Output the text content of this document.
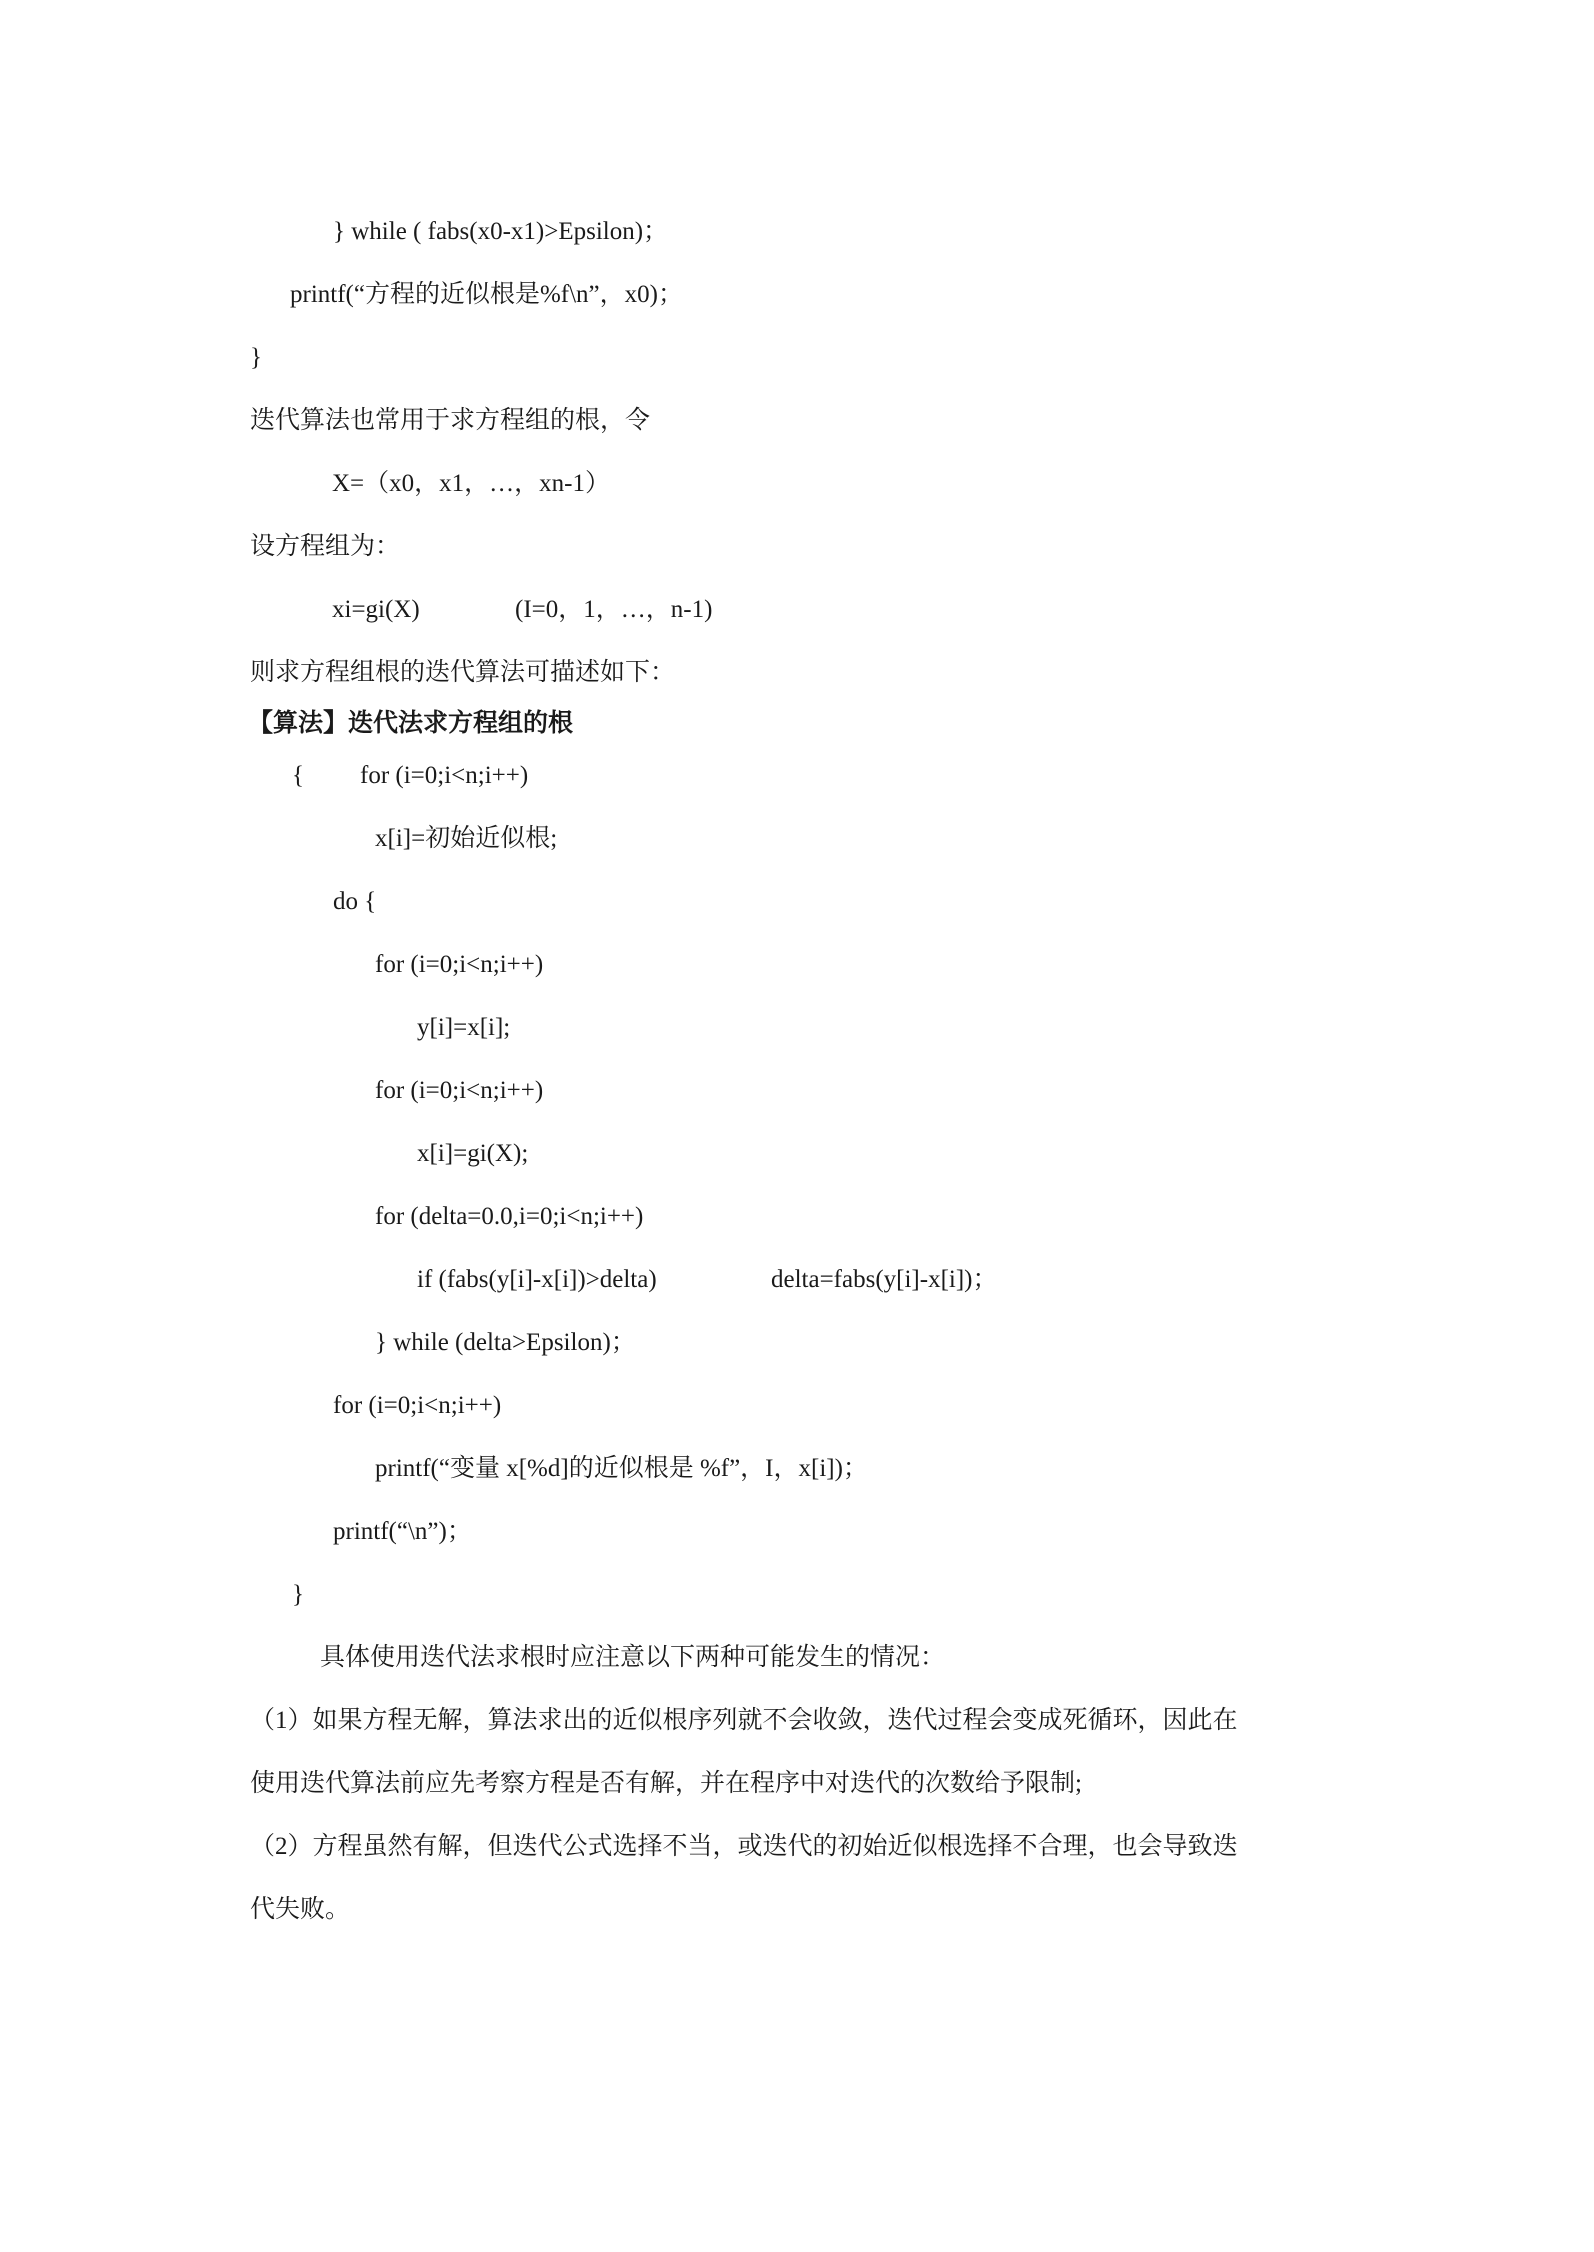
} while ( fabs(x0-x1)>Epsilon)；
printf(“方程的近似根是%f\n”，x0)；
}
迭代算法也常用于求方程组的根，令
X=（x0，x1，…，xn-1）
设方程组为：
xi=gi(X)	(I=0，1，…，n-1)
则求方程组根的迭代算法可描述如下：
【算法】迭代法求方程组的根
{ for (i=0;i<n;i++)
x[i]=初始近似根;
do {
for (i=0;i<n;i++)
y[i]=x[i];
for (i=0;i<n;i++)
x[i]=gi(X);
for (delta=0.0,i=0;i<n;i++)
if (fabs(y[i]-x[i])>delta)	delta=fabs(y[i]-x[i])；
} while (delta>Epsilon)；
for (i=0;i<n;i++)
printf(“变量 x[%d]的近似根是 %f”，I，x[i])；
printf(“\n”)；
}
具体使用迭代法求根时应注意以下两种可能发生的情况：
（1）如果方程无解，算法求出的近似根序列就不会收敛，迭代过程会变成死循环，因此在
使用迭代算法前应先考察方程是否有解，并在程序中对迭代的次数给予限制;
（2）方程虽然有解，但迭代公式选择不当，或迭代的初始近似根选择不合理，也会导致迭
代失败。
